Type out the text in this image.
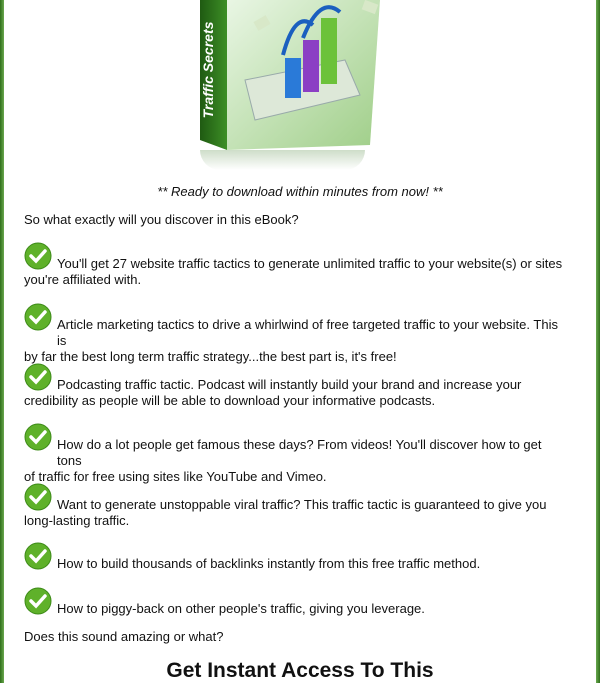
Traffic Secrets
** Ready to download within minutes from now! **
So what exactly will you discover in this eBook?
You'll get 27 website traffic tactics to generate unlimited traffic to your website(s) or sites
you're affiliated with.
Article marketing tactics to drive a whirlwind of free targeted traffic to your website. This is
by far the best long term traffic strategy...the best part is, it's free!
Podcasting traffic tactic. Podcast will instantly build your brand and increase your
credibility as people will be able to download your informative podcasts.
How do a lot people get famous these days? From videos! You'll discover how to get tons
of traffic for free using sites like YouTube and Vimeo.
Want to generate unstoppable viral traffic? This traffic tactic is guaranteed to give you
long-lasting traffic.
How to build thousands of backlinks instantly from this free traffic method.
How to piggy-back on other people's traffic, giving you leverage.
Does this sound amazing or what?
Get Instant Access To This
